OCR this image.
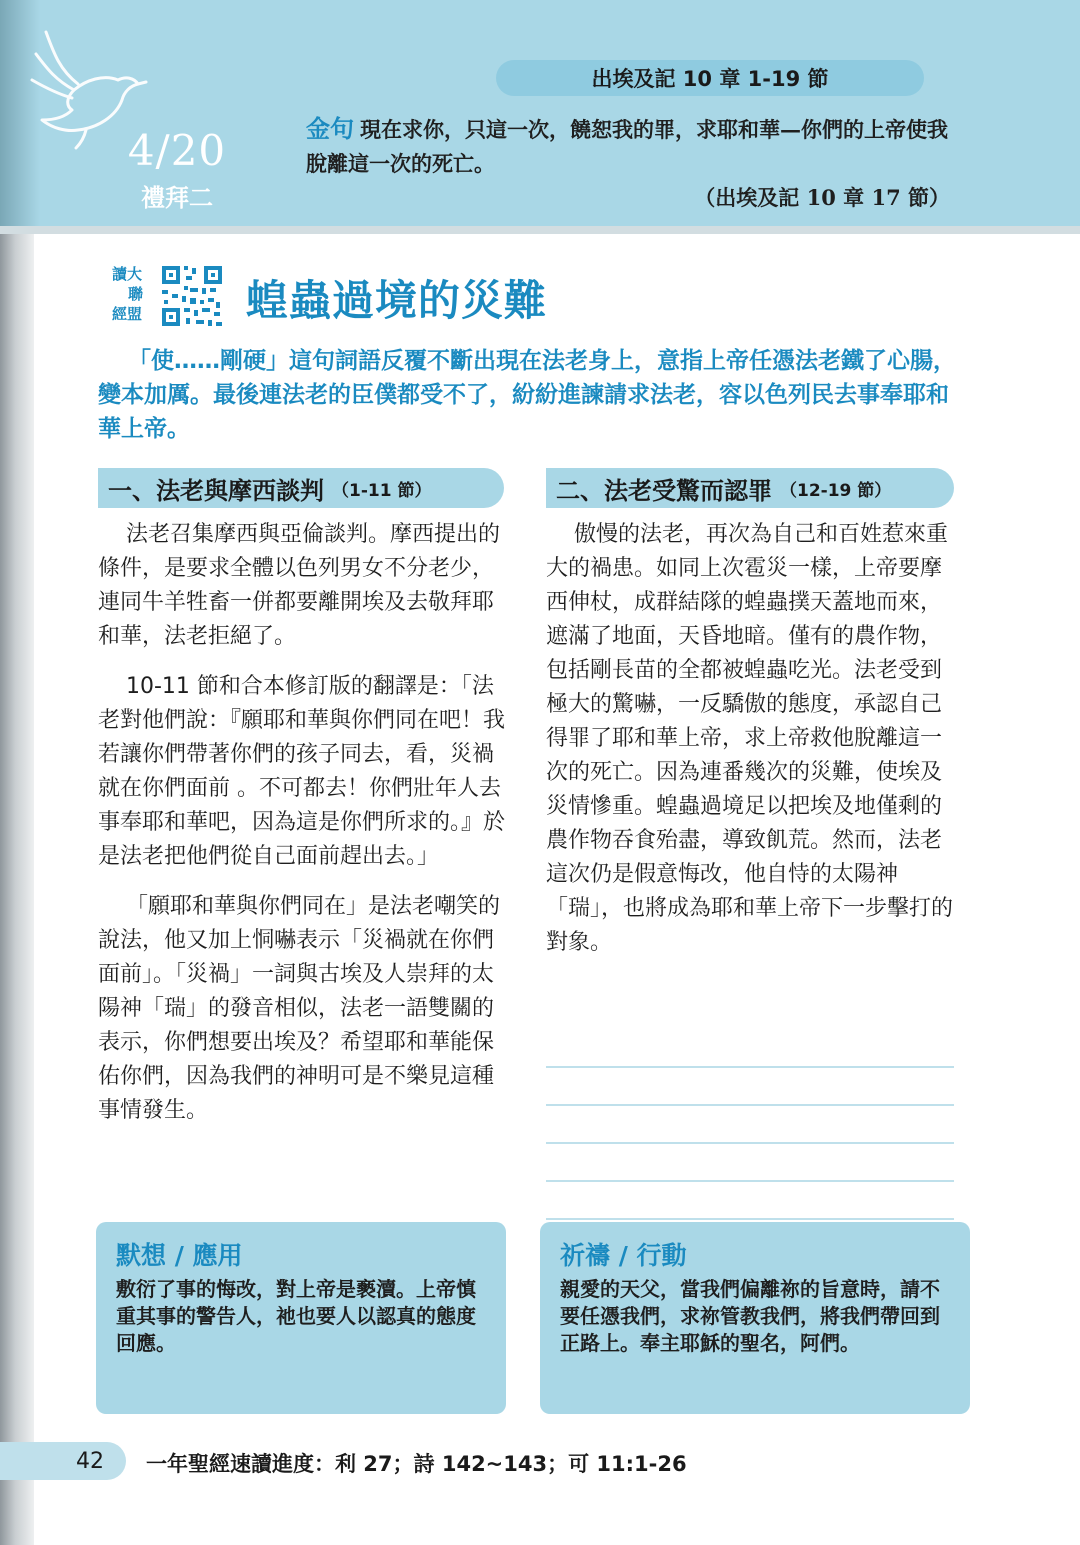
4/20
禮拜二
出埃及記 10 章 1-19 節
金句 現在求你，只這一次，饒恕我的罪，求耶和華—你們的上帝使我脫離這一次的死亡。
（出埃及記 10 章 17 節）
讀大
聯
經盟	蝗蟲過境的災難
「使……剛硬」這句詞語反覆不斷出現在法老身上，意指上帝任憑法老鐵了心腸，變本加厲。最後連法老的臣僕都受不了，紛紛進諫請求法老，容以色列民去事奉耶和華上帝。
一、法老與摩西談判 （1-11 節）	二、法老受驚而認罪 （12-19 節）

法老召集摩西與亞倫談判。摩西提出的條件，是要求全體以色列男女不分老少，連同牛羊牲畜一併都要離開埃及去敬拜耶和華，法老拒絕了。

10-11 節和合本修訂版的翻譯是：「法老對他們說：『願耶和華與你們同在吧！我若讓你們帶著你們的孩子同去，看，災禍就在你們面前 。不可都去！你們壯年人去事奉耶和華吧，因為這是你們所求的。』於是法老把他們從自己面前趕出去。」

「願耶和華與你們同在」是法老嘲笑的說法，他又加上恫嚇表示「災禍就在你們面前」。「災禍」一詞與古埃及人崇拜的太陽神「瑞」的發音相似，法老一語雙關的表示，你們想要出埃及？希望耶和華能保佑你們，因為我們的神明可是不樂見這種事情發生。

傲慢的法老，再次為自己和百姓惹來重大的禍患。如同上次雹災一樣，上帝要摩西伸杖，成群結隊的蝗蟲撲天蓋地而來，遮滿了地面，天昏地暗。僅有的農作物，包括剛長苗的全都被蝗蟲吃光。法老受到極大的驚嚇，一反驕傲的態度，承認自己得罪了耶和華上帝，求上帝救他脫離這一次的死亡。因為連番幾次的災難，使埃及災情慘重。蝗蟲過境足以把埃及地僅剩的農作物吞食殆盡，導致飢荒。然而，法老這次仍是假意悔改，他自恃的太陽神「瑞」，也將成為耶和華上帝下一步擊打的對象。

默想 / 應用
敷衍了事的悔改，對上帝是褻瀆。上帝慎重其事的警告人，祂也要人以認真的態度回應。
祈禱 / 行動
親愛的天父，當我們偏離祢的旨意時，請不要任憑我們，求祢管教我們，將我們帶回到正路上。奉主耶穌的聖名，阿們。
42	一年聖經速讀進度：利 27；詩 142~143；可 11:1-26
